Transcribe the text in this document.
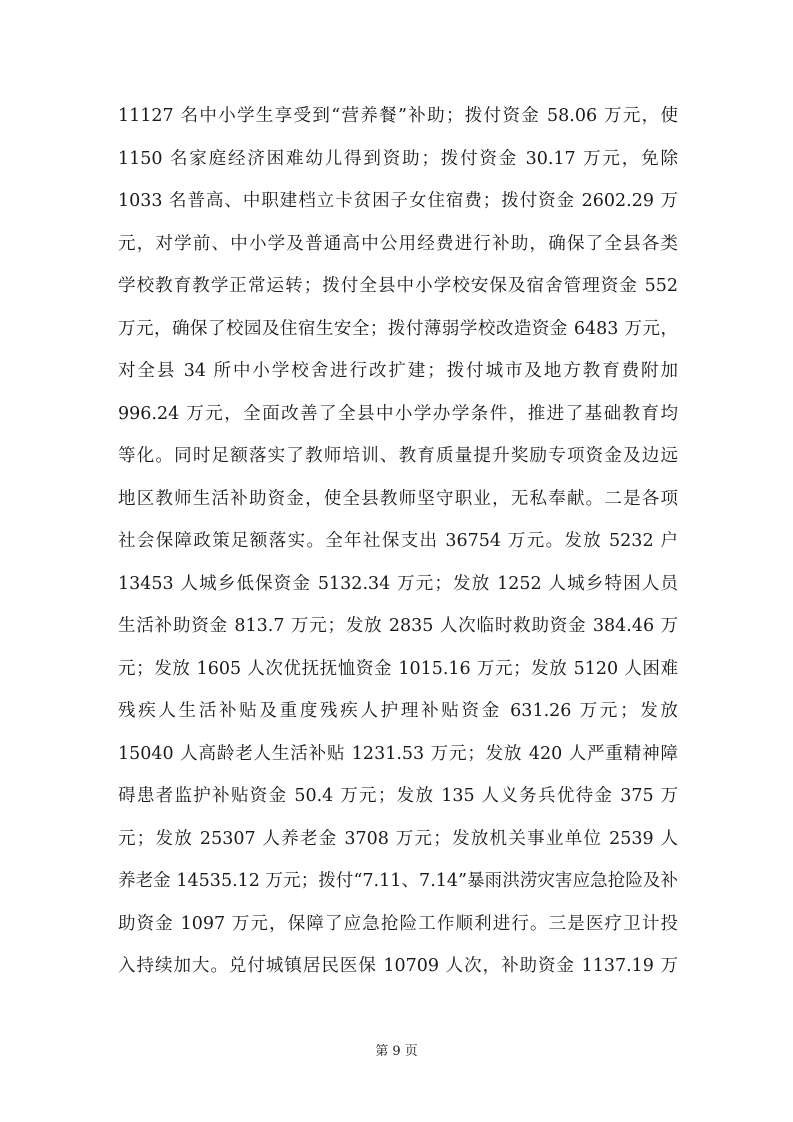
11127 名中小学生享受到“营养餐”补助；拨付资金 58.06 万元，使
1150 名家庭经济困难幼儿得到资助；拨付资金 30.17 万元，免除
1033 名普高、中职建档立卡贫困子女住宿费；拨付资金 2602.29 万
元，对学前、中小学及普通高中公用经费进行补助，确保了全县各类
学校教育教学正常运转；拨付全县中小学校安保及宿舍管理资金 552
万元，确保了校园及住宿生安全；拨付薄弱学校改造资金 6483 万元，
对全县 34 所中小学校舍进行改扩建；拨付城市及地方教育费附加
996.24 万元，全面改善了全县中小学办学条件，推进了基础教育均
等化。同时足额落实了教师培训、教育质量提升奖励专项资金及边远
地区教师生活补助资金，使全县教师坚守职业，无私奉献。二是各项
社会保障政策足额落实。全年社保支出 36754 万元。发放 5232 户
13453 人城乡低保资金 5132.34 万元；发放 1252 人城乡特困人员
生活补助资金 813.7 万元；发放 2835 人次临时救助资金 384.46 万
元；发放 1605 人次优抚抚恤资金 1015.16 万元；发放 5120 人困难
残疾人生活补贴及重度残疾人护理补贴资金 631.26 万元；发放
15040 人高龄老人生活补贴 1231.53 万元；发放 420 人严重精神障
碍患者监护补贴资金 50.4 万元；发放 135 人义务兵优待金 375 万
元；发放 25307 人养老金 3708 万元；发放机关事业单位 2539 人
养老金 14535.12 万元；拨付“7.11、7.14”暴雨洪涝灾害应急抢险及补
助资金 1097 万元，保障了应急抢险工作顺利进行。三是医疗卫计投
入持续加大。兑付城镇居民医保 10709 人次，补助资金 1137.19 万
第 9 页
